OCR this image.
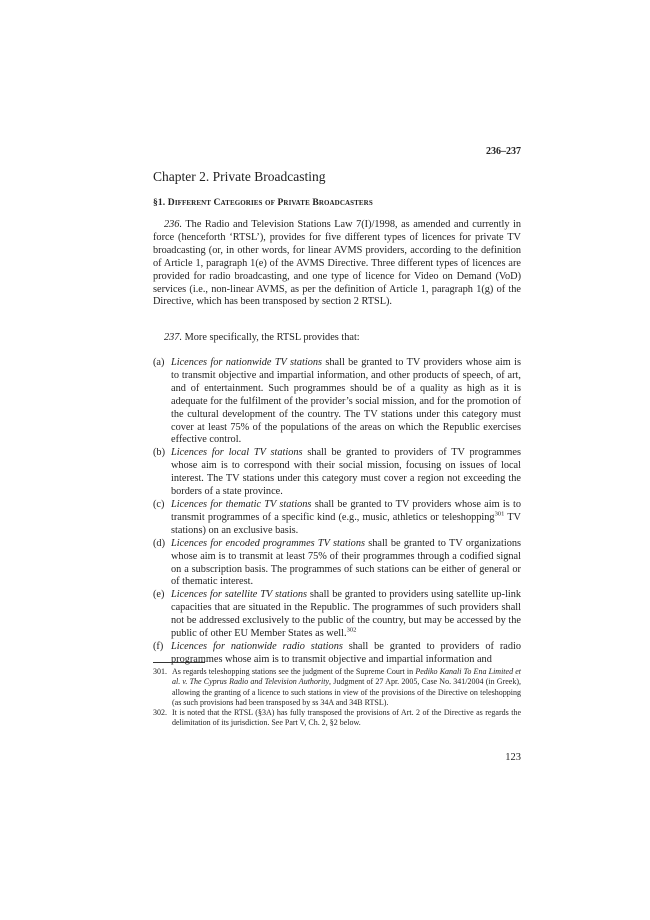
236–237
Chapter 2. Private Broadcasting
§1. Different Categories of Private Broadcasters

236. The Radio and Television Stations Law 7(I)/1998, as amended and currently in force (henceforth ‘RTSL’), provides for five different types of licences for private TV broadcasting (or, in other words, for linear AVMS providers, according to the definition of Article 1, paragraph 1(e) of the AVMS Directive. Three different types of licences are provided for radio broadcasting, and one type of licence for Video on Demand (VoD) services (i.e., non-linear AVMS, as per the definition of Article 1, paragraph 1(g) of the Directive, which has been transposed by section 2 RTSL).

237. More specifically, the RTSL provides that:

(a) Licences for nationwide TV stations shall be granted to TV providers whose aim is to transmit objective and impartial information, and other products of speech, of art, and of entertainment. Such programmes should be of a quality as high as it is adequate for the fulfilment of the provider’s social mission, and for the promotion of the cultural development of the country. The TV stations under this category must cover at least 75% of the populations of the areas on which the Republic exercises effective control.
(b) Licences for local TV stations shall be granted to providers of TV programmes whose aim is to correspond with their social mission, focusing on issues of local interest. The TV stations under this category must cover a region not exceeding the borders of a state province.
(c) Licences for thematic TV stations shall be granted to TV providers whose aim is to transmit programmes of a specific kind (e.g., music, athletics or teleshopping$^{301}$ TV stations) on an exclusive basis.
(d) Licences for encoded programmes TV stations shall be granted to TV organizations whose aim is to transmit at least 75% of their programmes through a codified signal on a subscription basis. The programmes of such stations can be either of general or of thematic interest.
(e) Licences for satellite TV stations shall be granted to providers using satellite up-link capacities that are situated in the Republic. The programmes of such providers shall not be addressed exclusively to the public of the country, but may be accessed by the public of other EU Member States as well.$^{302}$
(f) Licences for nationwide radio stations shall be granted to providers of radio programmes whose aim is to transmit objective and impartial information and
301. As regards teleshopping stations see the judgment of the Supreme Court in Pediko Kanali To Ena Limited et al. v. The Cyprus Radio and Television Authority, Judgment of 27 Apr. 2005, Case No. 341/2004 (in Greek), allowing the granting of a licence to such stations in view of the provisions of the Directive on teleshopping (as such provisions had been transposed by ss 34A and 34B RTSL).
302. It is noted that the RTSL (§3A) has fully transposed the provisions of Art. 2 of the Directive as regards the delimitation of its jurisdiction. See Part V, Ch. 2, §2 below.
123
